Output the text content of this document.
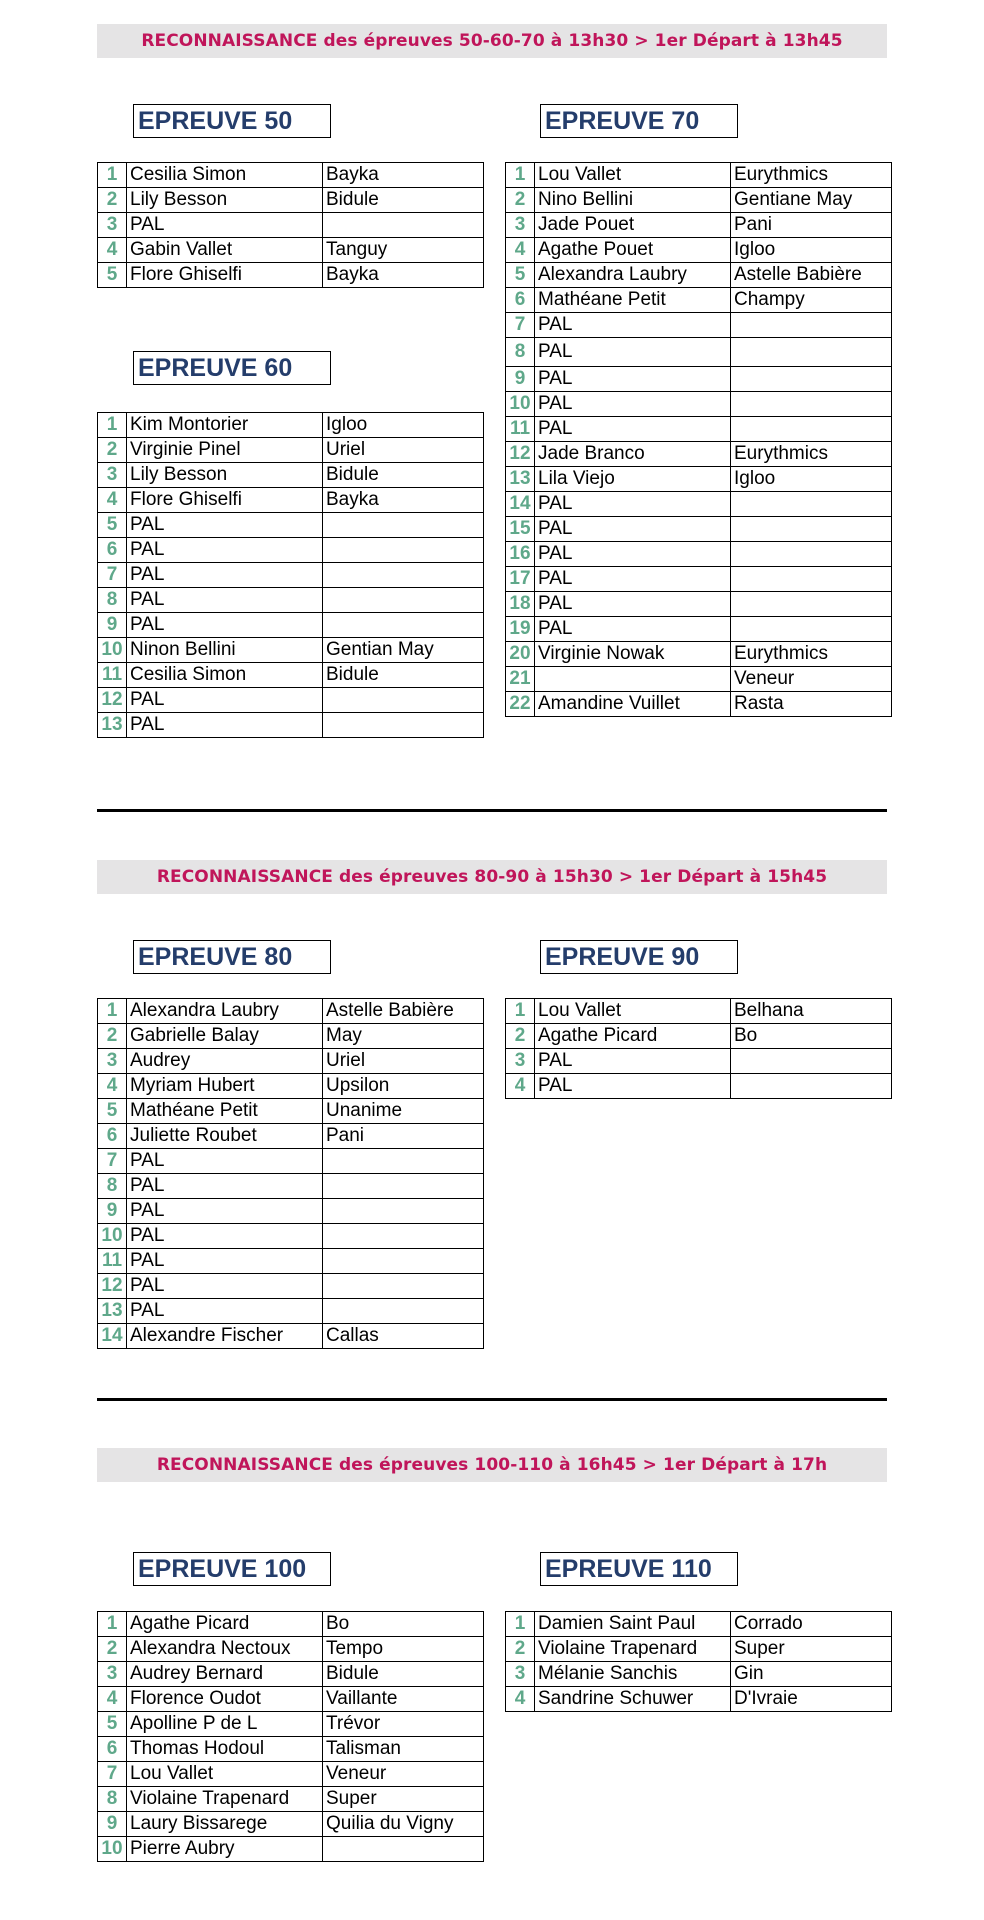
RECONNAISSANCE des épreuves 50-60-70 à 13h30 > 1er Départ à 13h45
EPREUVE 50
1	Cesilia Simon	Bayka
2	Lily Besson	Bidule
3	PAL	
4	Gabin Vallet	Tanguy
5	Flore Ghiselfi	Bayka
EPREUVE 60
1	Kim Montorier	Igloo
2	Virginie Pinel	Uriel
3	Lily Besson	Bidule
4	Flore Ghiselfi	Bayka
5	PAL	
6	PAL	
7	PAL	
8	PAL	
9	PAL	
10	Ninon Bellini	Gentian May
11	Cesilia Simon	Bidule
12	PAL	
13	PAL	
EPREUVE 70
1	Lou Vallet	Eurythmics
2	Nino Bellini	Gentiane May
3	Jade Pouet	Pani
4	Agathe Pouet	Igloo
5	Alexandra Laubry	Astelle Babière
6	Mathéane Petit	Champy
7	PAL	
8	PAL	
9	PAL	
10	PAL	
11	PAL	
12	Jade Branco	Eurythmics
13	Lila Viejo	Igloo
14	PAL	
15	PAL	
16	PAL	
17	PAL	
18	PAL	
19	PAL	
20	Virginie Nowak	Eurythmics
21		Veneur
22	Amandine Vuillet	Rasta
RECONNAISSANCE des épreuves 80-90 à 15h30 > 1er Départ à 15h45
EPREUVE 80
1	Alexandra Laubry	Astelle Babière
2	Gabrielle Balay	May
3	Audrey	Uriel
4	Myriam Hubert	Upsilon
5	Mathéane Petit	Unanime
6	Juliette Roubet	Pani
7	PAL	
8	PAL	
9	PAL	
10	PAL	
11	PAL	
12	PAL	
13	PAL	
14	Alexandre Fischer	Callas
EPREUVE 90
1	Lou Vallet	Belhana
2	Agathe Picard	Bo
3	PAL	
4	PAL	
RECONNAISSANCE des épreuves 100-110 à 16h45 > 1er Départ à 17h
EPREUVE 100
1	Agathe Picard	Bo
2	Alexandra Nectoux	Tempo
3	Audrey Bernard	Bidule
4	Florence Oudot	Vaillante
5	Apolline P de L	Trévor
6	Thomas Hodoul	Talisman
7	Lou Vallet	Veneur
8	Violaine Trapenard	Super
9	Laury Bissarege	Quilia du Vigny
10	Pierre Aubry	
EPREUVE 110
1	Damien Saint Paul	Corrado
2	Violaine Trapenard	Super
3	Mélanie Sanchis	Gin
4	Sandrine Schuwer	D'Ivraie
